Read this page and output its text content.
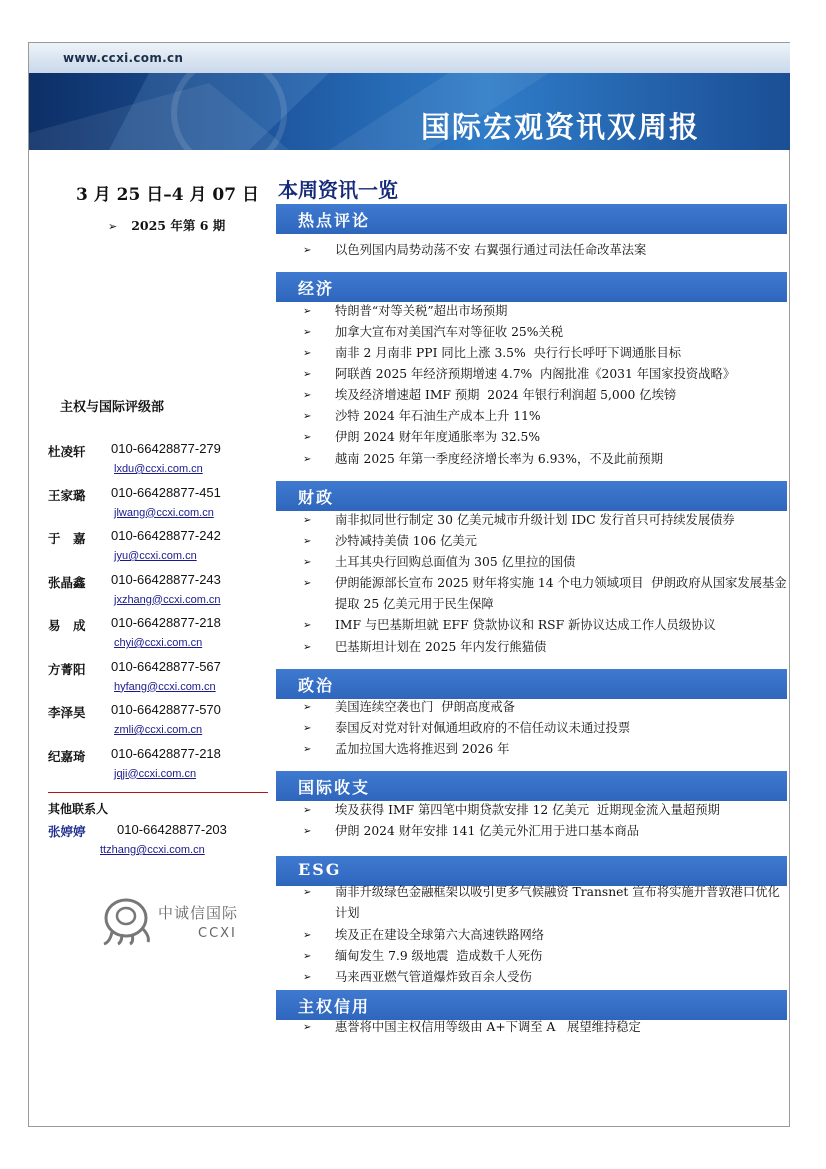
www.ccxi.com.cn
国际宏观资讯双周报
3 月 25 日–4 月 07 日
➢ 2025 年第 6 期
主权与国际评级部
杜凌轩 010-66428877-279
lxdu@ccxi.com.cn
王家璐 010-66428877-451
jlwang@ccxi.com.cn
于　嘉 010-66428877-242
jyu@ccxi.com.cn
张晶鑫 010-66428877-243
jxzhang@ccxi.com.cn
易　成 010-66428877-218
chyi@ccxi.com.cn
方菁阳 010-66428877-567
hyfang@ccxi.com.cn
李泽昊 010-66428877-570
zmli@ccxi.com.cn
纪嘉琦 010-66428877-218
jqji@ccxi.com.cn
其他联系人
张婷婷 010-66428877-203
ttzhang@ccxi.com.cn
中诚信国际
CCXI
本周资讯一览
热点评论
➢ 以色列国内局势动荡不安 右翼强行通过司法任命改革法案
经济
➢ 特朗普“对等关税”超出市场预期
➢ 加拿大宣布对美国汽车对等征收 25%关税
➢ 南非 2 月南非 PPI 同比上涨 3.5%  央行行长呼吁下调通胀目标
➢ 阿联酋 2025 年经济预期增速 4.7%  内阁批准《2031 年国家投资战略》
➢ 埃及经济增速超 IMF 预期  2024 年银行利润超 5,000 亿埃镑
➢ 沙特 2024 年石油生产成本上升 11%
➢ 伊朗 2024 财年年度通胀率为 32.5%
➢ 越南 2025 年第一季度经济增长率为 6.93%，不及此前预期
财政
➢ 南非拟同世行制定 30 亿美元城市升级计划 IDC 发行首只可持续发展债券
➢ 沙特减持美债 106 亿美元
➢ 土耳其央行回购总面值为 305 亿里拉的国债
➢ 伊朗能源部长宣布 2025 财年将实施 14 个电力领域项目  伊朗政府从国家发展基金提取 25 亿美元用于民生保障
➢ IMF 与巴基斯坦就 EFF 贷款协议和 RSF 新协议达成工作人员级协议
➢ 巴基斯坦计划在 2025 年内发行熊猫债
政治
➢ 美国连续空袭也门  伊朗高度戒备
➢ 泰国反对党对针对佩通坦政府的不信任动议未通过投票
➢ 孟加拉国大选将推迟到 2026 年
国际收支
➢ 埃及获得 IMF 第四笔中期贷款安排 12 亿美元  近期现金流入量超预期
➢ 伊朗 2024 财年安排 141 亿美元外汇用于进口基本商品
ESG
➢ 南非升级绿色金融框架以吸引更多气候融资 Transnet 宣布将实施开普敦港口优化计划
➢ 埃及正在建设全球第六大高速铁路网络
➢ 缅甸发生 7.9 级地震  造成数千人死伤
➢ 马来西亚燃气管道爆炸致百余人受伤
主权信用
➢ 惠誉将中国主权信用等级由 A+下调至 A   展望维持稳定
